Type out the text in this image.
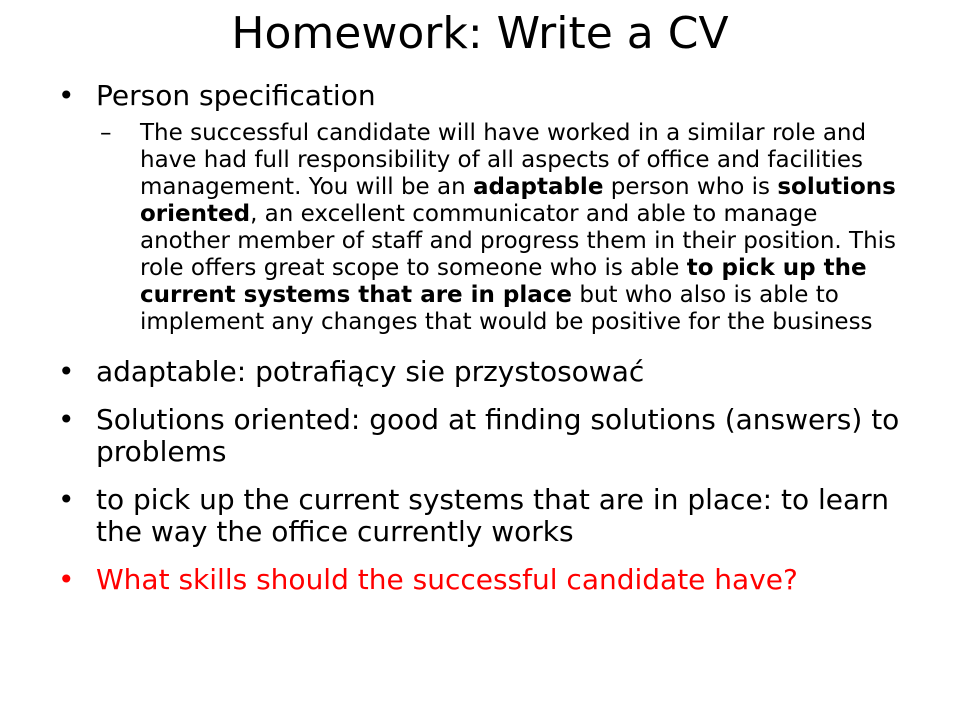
Homework: Write a CV
• Person specification
– The successful candidate will have worked in a similar role and have had full responsibility of all aspects of office and facilities management. You will be an adaptable person who is solutions oriented, an excellent communicator and able to manage another member of staff and progress them in their position. This role offers great scope to someone who is able to pick up the current systems that are in place but who also is able to implement any changes that would be positive for the business
• adaptable: potrafiący sie przystosować
• Solutions oriented: good at finding solutions (answers) to problems
• to pick up the current systems that are in place: to learn the way the office currently works
• What skills should the successful candidate have?
